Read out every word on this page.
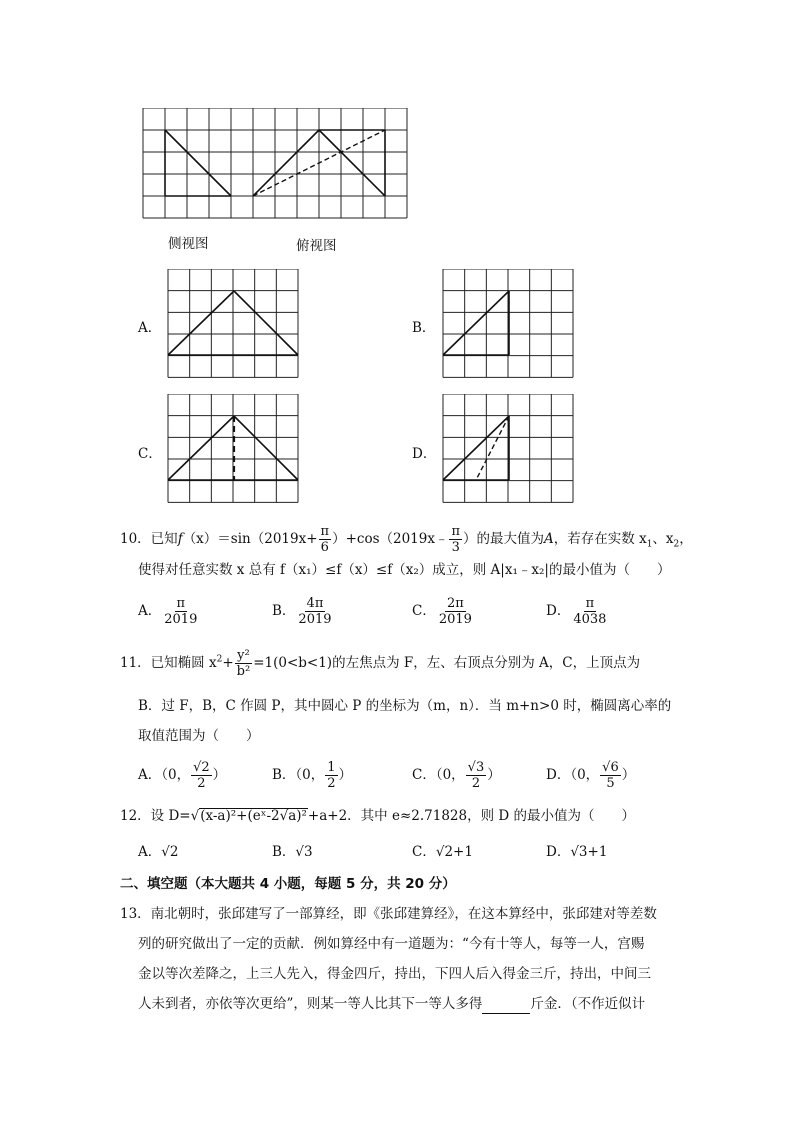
侧视图	俯视图
A．	B．
C．	D．
10．已知$f(x)=\sin(2019x+ \frac{\pi}{6}$ ）+cos（2019x﹣ $\frac{\pi}{3}$ ）的最大值为A，若存在实数 $x_1$、$x_2$，
使得对任意实数 x 总有 f（x₁）≤f（x）≤f（x₂）成立，则 A|x₁﹣x₂|的最小值为（　　）
A． $\frac{\pi}{2019}$	B． $\frac{4\pi}{2019}$	C． $\frac{2\pi}{2019}$	D． $\frac{\pi}{4038}$
11．已知椭圆 $x^2+ \frac{\text{y²}}{\text{b²}} =1(0<b<1)$的左焦点为 F，左、右顶点分别为 A，C，上顶点为
B．过 F，B，C 作圆 P，其中圆心 P 的坐标为（m，n）．当 m+n>0 时，椭圆离心率的
取值范围为（　　）
A．（0， $\frac{√2}{2}$ ）	B．（0， $\frac{1}{2}$ ）	C．（0， $\frac{√3}{2}$ ）	D．（0， $\frac{√6}{5}$ ）
12．设 D=√(x-a)²+(eˣ-2√a)²+a+2．其中 e≈2.71828，则 D 的最小值为（　　）
A．√2	B．√3	C．√2+1	D．√3+1
二、填空题（本大题共 4 小题，每题 5 分，共 20 分）
13．南北朝时，张邱建写了一部算经，即《张邱建算经》，在这本算经中，张邱建对等差数
列的研究做出了一定的贡献．例如算经中有一道题为：“今有十等人，每等一人，宫赐
金以等次差降之，上三人先入，得金四斤，持出，下四人后入得金三斤，持出，中间三
人未到者，亦依等次更给”，则某一等人比其下一等人多得	斤金．（不作近似计
